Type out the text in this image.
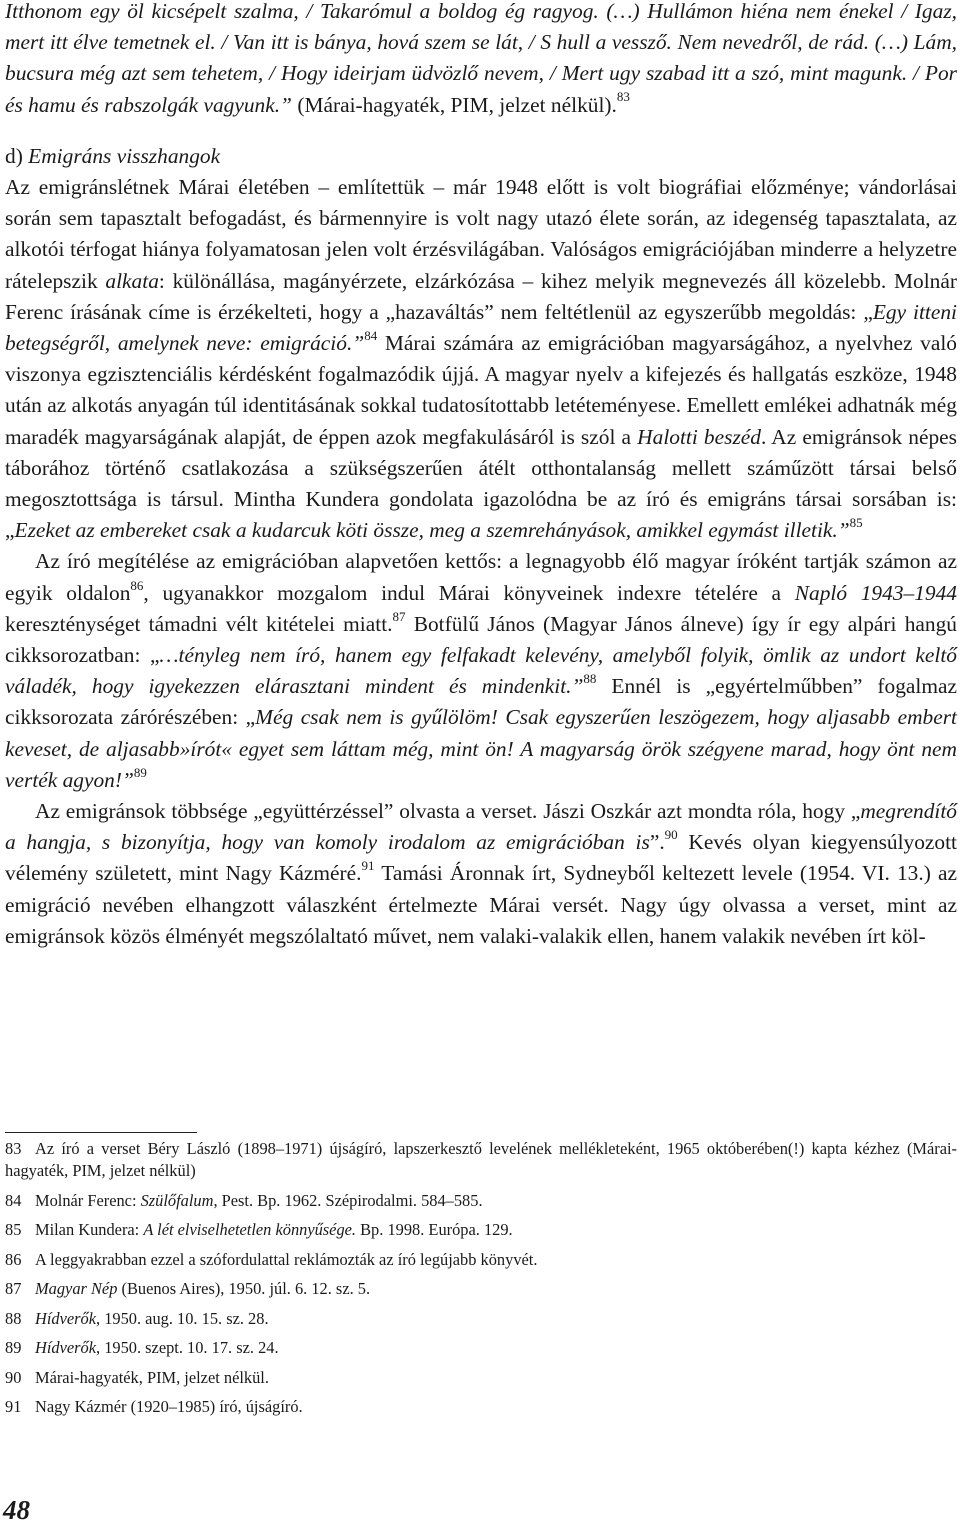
Itthonom egy öl kicsépelt szalma, / Takarómul a boldog ég ragyog. (…) Hullámon hiéna nem énekel / Igaz, mert itt élve temetnek el. / Van itt is bánya, hová szem se lát, / S hull a vessző. Nem nevedről, de rád. (…) Lám, bucsura még azt sem tehetem, / Hogy ideirjam üdvözlő nevem, / Mert ugy szabad itt a szó, mint magunk. / Por és hamu és rabszolgák vagyunk.” (Márai-hagyaték, PIM, jelzet nélkül).$^{83}$

d) Emigráns visszhangok

Az emigránslétnek Márai életében – említettük – már 1948 előtt is volt biográfiai előzménye; vándorlásai során sem tapasztalt befogadást, és bármennyire is volt nagy utazó élete során, az idegenség tapasztalata, az alkotói térfogat hiánya folyamatosan jelen volt érzésvilágában. Valóságos emigrációjában minderre a helyzetre rátelepszik alkata: különállása, magányérzete, elzárkózása – kihez melyik megnevezés áll közelebb. Molnár Ferenc írásának címe is érzékelteti, hogy a „hazaváltás” nem feltétlenül az egyszerűbb megoldás: „Egy itteni betegségről, amelynek neve: emigráció.”$^{84}$ Márai számára az emigrációban magyarságához, a nyelvhez való viszonya egzisztenciális kérdésként fogalmazódik újjá. A magyar nyelv a kifejezés és hallgatás eszköze, 1948 után az alkotás anyagán túl identitásának sokkal tudatosítottabb letéteményese. Emellett emlékei adhatnák még maradék magyarságának alapját, de éppen azok megfakulásáról is szól a Halotti beszéd. Az emigránsok népes táborához történő csatlakozása a szükségszerűen átélt otthontalanság mellett száműzött társai belső megosztottsága is társul. Mintha Kundera gondolata igazolódna be az író és emigráns társai sorsában is: „Ezeket az embereket csak a kudarcuk köti össze, meg a szemrehányások, amikkel egymást illetik.”$^{85}$

Az író megítélése az emigrációban alapvetően kettős: a legnagyobb élő magyar íróként tartják számon az egyik oldalon$^{86}$, ugyanakkor mozgalom indul Márai könyveinek indexre tételére a Napló 1943–1944 kereszténységet támadni vélt kitételei miatt.$^{87}$ Botfülű János (Magyar János álneve) így ír egy alpári hangú cikksorozatban: „…tényleg nem író, hanem egy felfakadt kelevény, amelyből folyik, ömlik az undort keltő váladék, hogy igyekezzen elárasztani mindent és mindenkit.”$^{88}$ Ennél is „egyértelműbben” fogalmaz cikksorozata zárórészében: „Még csak nem is gyűlölöm! Csak egyszerűen leszögezem, hogy aljasabb embert keveset, de aljasabb»írót« egyet sem láttam még, mint ön! A magyarság örök szégyene marad, hogy önt nem verték agyon!”$^{89}$

Az emigránsok többsége „együttérzéssel” olvasta a verset. Jászi Oszkár azt mondta róla, hogy „megrendítő a hangja, s bizonyítja, hogy van komoly irodalom az emigrációban is”.$^{90}$ Kevés olyan kiegyensúlyozott vélemény született, mint Nagy Kázméré.$^{91}$ Tamási Áronnak írt, Sydneyből keltezett levele (1954. VI. 13.) az emigráció nevében elhangzott válaszként értelmezte Márai versét. Nagy úgy olvassa a verset, mint az emigránsok közös élményét megszólaltató művet, nem valaki-valakik ellen, hanem valakik nevében írt köl-

83 Az író a verset Béry László (1898–1971) újságíró, lapszerkesztő levelének mellékleteként, 1965 októberében(!) kapta kézhez (Márai-hagyaték, PIM, jelzet nélkül)

84 Molnár Ferenc: Szülőfalum, Pest. Bp. 1962. Szépirodalmi. 584–585.

85 Milan Kundera: A lét elviselhetetlen könnyűsége. Bp. 1998. Európa. 129.

86 A leggyakrabban ezzel a szófordulattal reklámozták az író legújabb könyvét.

87 Magyar Nép (Buenos Aires), 1950. júl. 6. 12. sz. 5.

88 Hídverők, 1950. aug. 10. 15. sz. 28.

89 Hídverők, 1950. szept. 10. 17. sz. 24.

90 Márai-hagyaték, PIM, jelzet nélkül.

91 Nagy Kázmér (1920–1985) író, újságíró.

48
